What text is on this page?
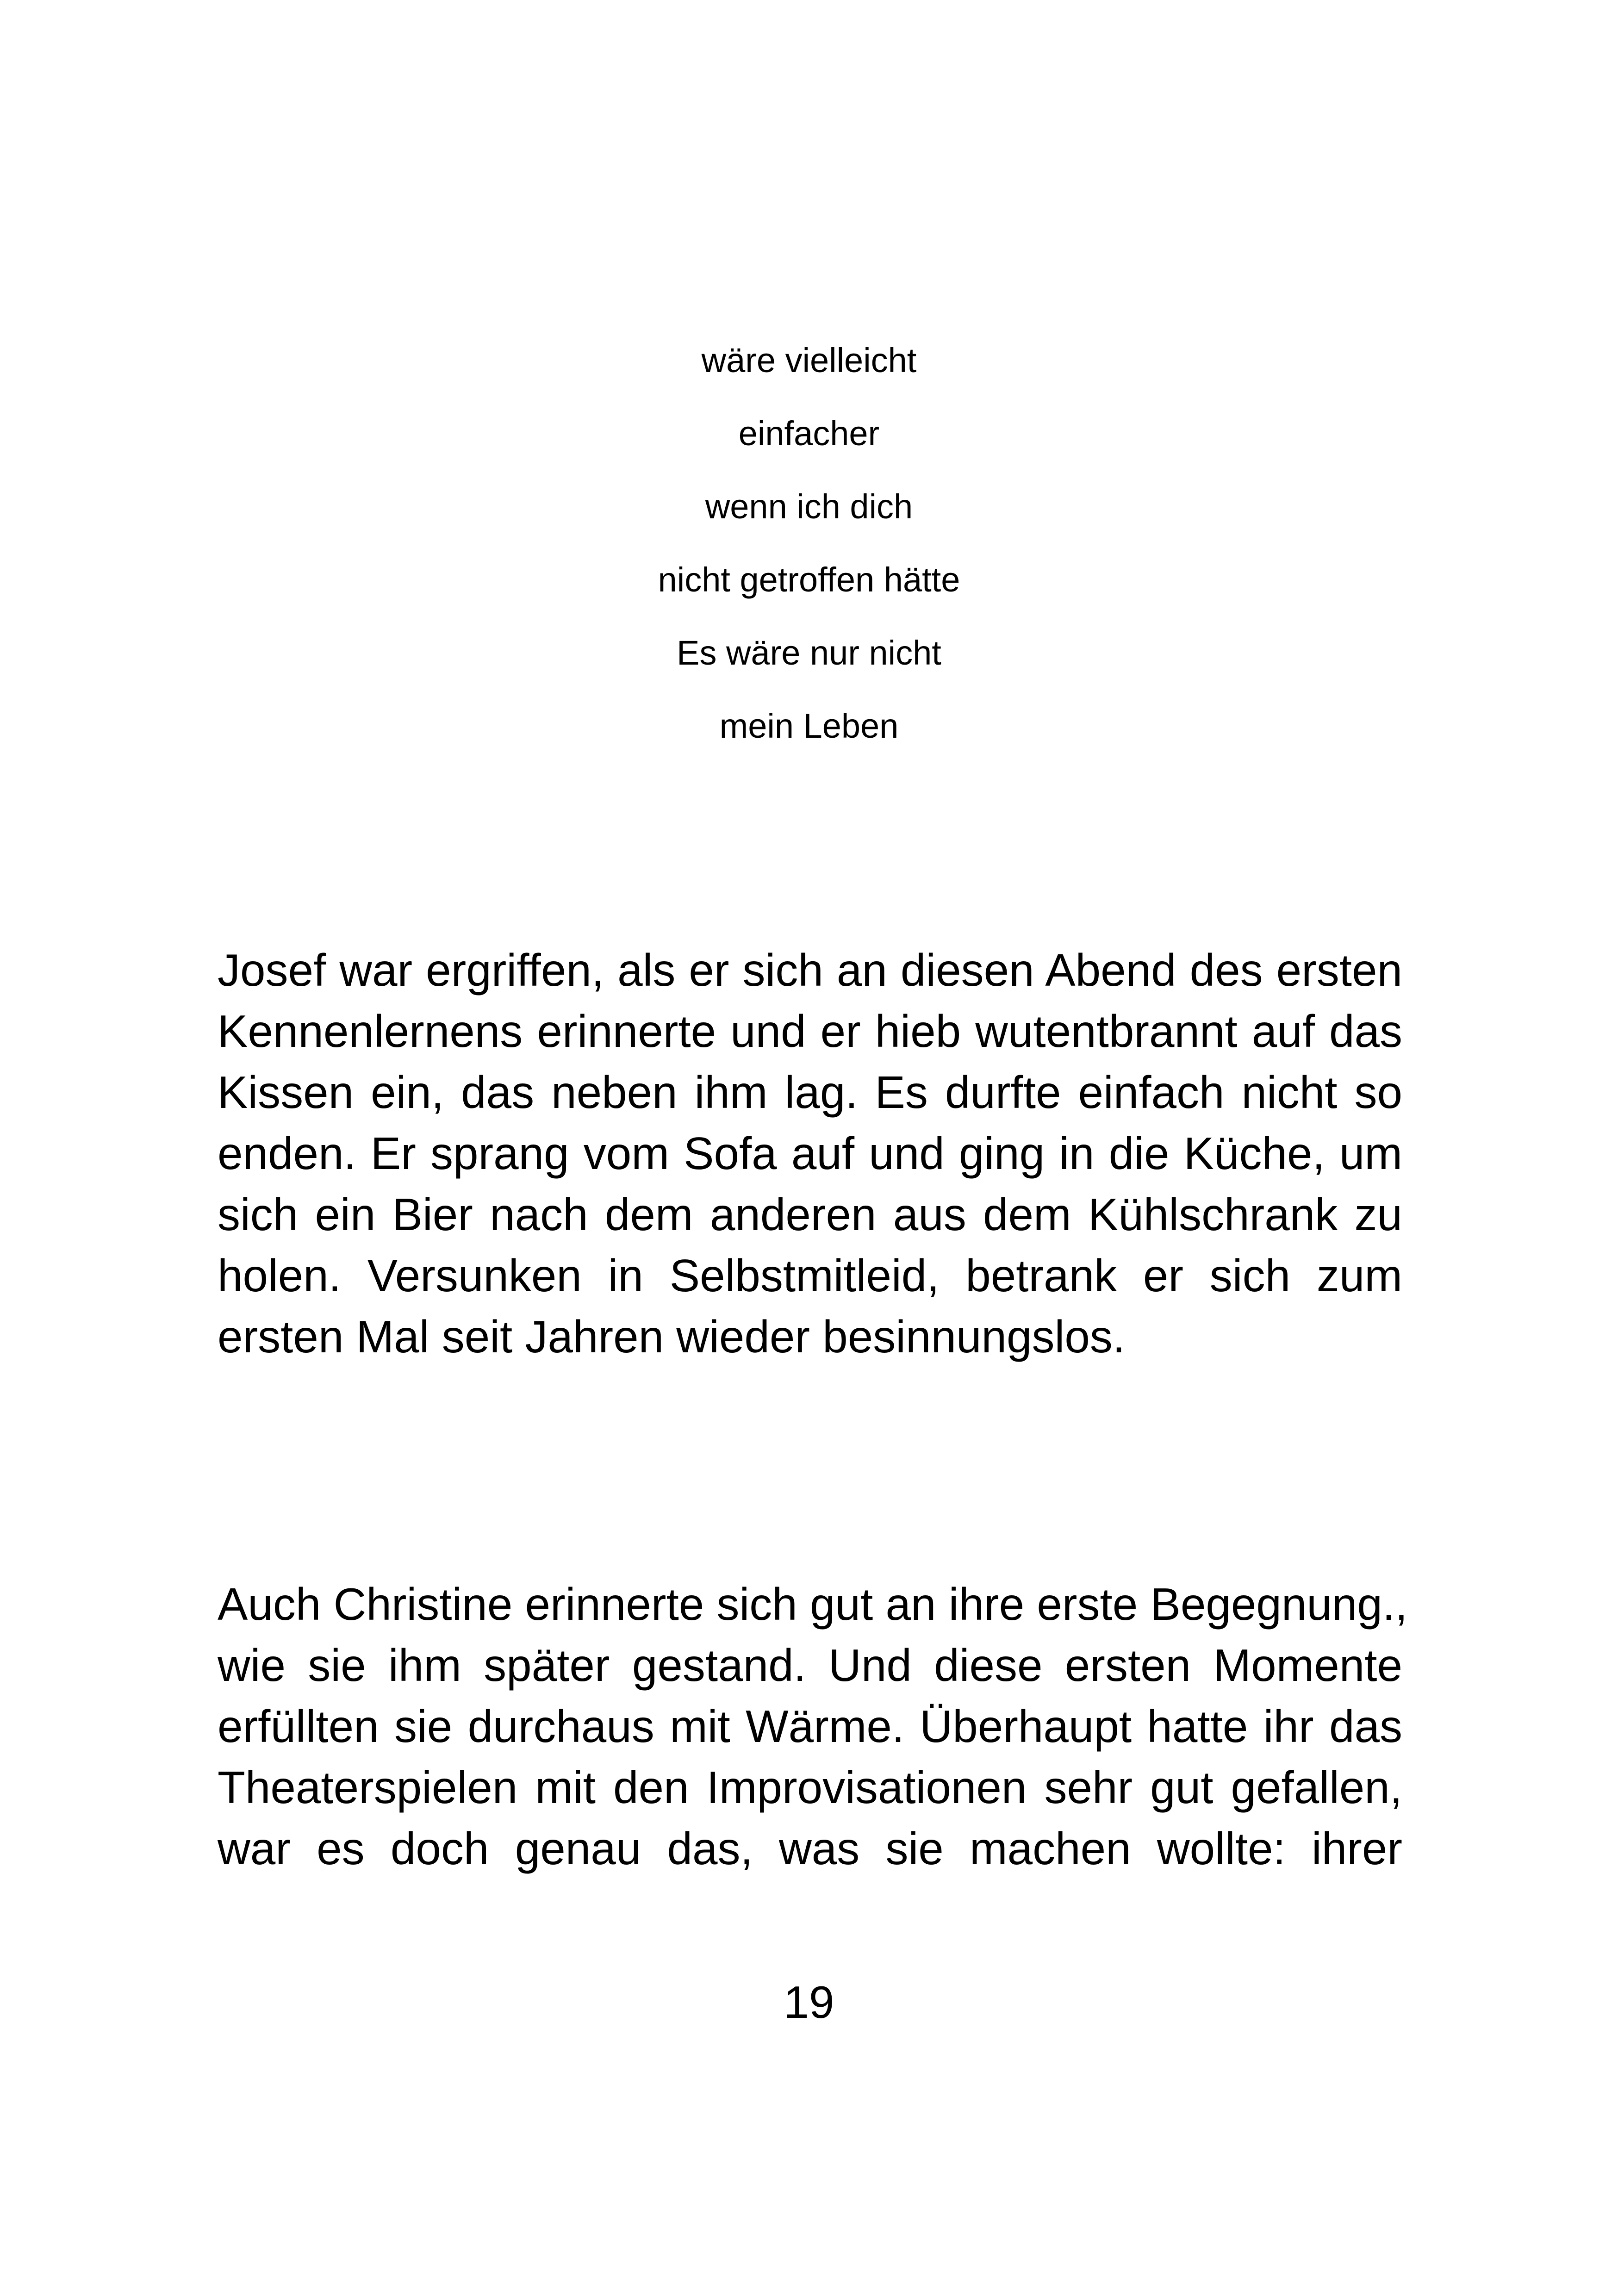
wäre vielleicht
einfacher
wenn ich dich
nicht getroffen hätte
Es wäre nur nicht
mein Leben
Josef war ergriffen, als er sich an diesen Abend des ersten
Kennenlernens erinnerte und er hieb wutentbrannt auf das
Kissen ein, das neben ihm lag. Es durfte einfach nicht so
enden. Er sprang vom Sofa auf und ging in die Küche, um
sich ein Bier nach dem anderen aus dem Kühlschrank zu
holen. Versunken in Selbstmitleid, betrank er sich zum
ersten Mal seit Jahren wieder besinnungslos.
Auch Christine erinnerte sich gut an ihre erste Begegnung.,
wie sie ihm später gestand. Und diese ersten Momente
erfüllten sie durchaus mit Wärme. Überhaupt hatte ihr das
Theaterspielen mit den Improvisationen sehr gut gefallen,
war es doch genau das, was sie machen wollte: ihrer
19
